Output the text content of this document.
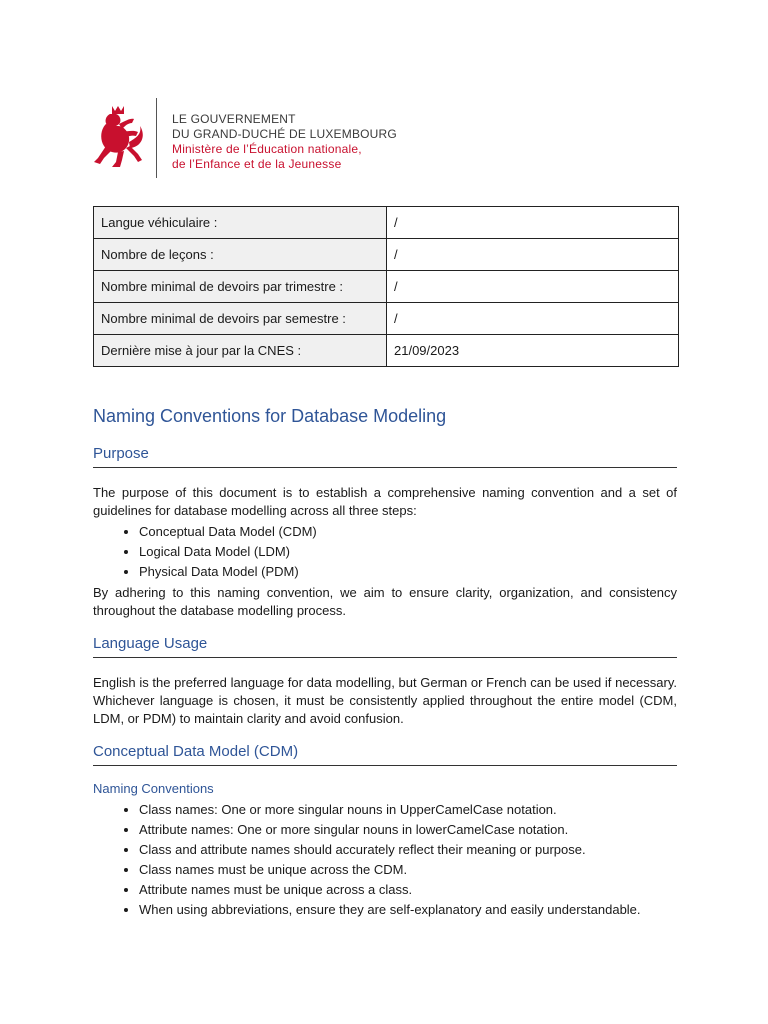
LE GOUVERNEMENT
DU GRAND-DUCHÉ DE LUXEMBOURG
Ministère de l’Éducation nationale,
de l’Enfance et de la Jeunesse
Langue véhiculaire :	/
Nombre de leçons :	/
Nombre minimal de devoirs par trimestre :	/
Nombre minimal de devoirs par semestre :	/
Dernière mise à jour par la CNES :	21/09/2023
Naming Conventions for Database Modeling
Purpose

The purpose of this document is to establish a comprehensive naming convention and a set of guidelines for database modelling across all three steps:

• Conceptual Data Model (CDM)
• Logical Data Model (LDM)
• Physical Data Model (PDM)

By adhering to this naming convention, we aim to ensure clarity, organization, and consistency throughout the database modelling process.

Language Usage

English is the preferred language for data modelling, but German or French can be used if necessary. Whichever language is chosen, it must be consistently applied throughout the entire model (CDM, LDM, or PDM) to maintain clarity and avoid confusion.

Conceptual Data Model (CDM)
Naming Conventions
• Class names: One or more singular nouns in UpperCamelCase notation.
• Attribute names: One or more singular nouns in lowerCamelCase notation.
• Class and attribute names should accurately reflect their meaning or purpose.
• Class names must be unique across the CDM.
• Attribute names must be unique across a class.
• When using abbreviations, ensure they are self-explanatory and easily understandable.
